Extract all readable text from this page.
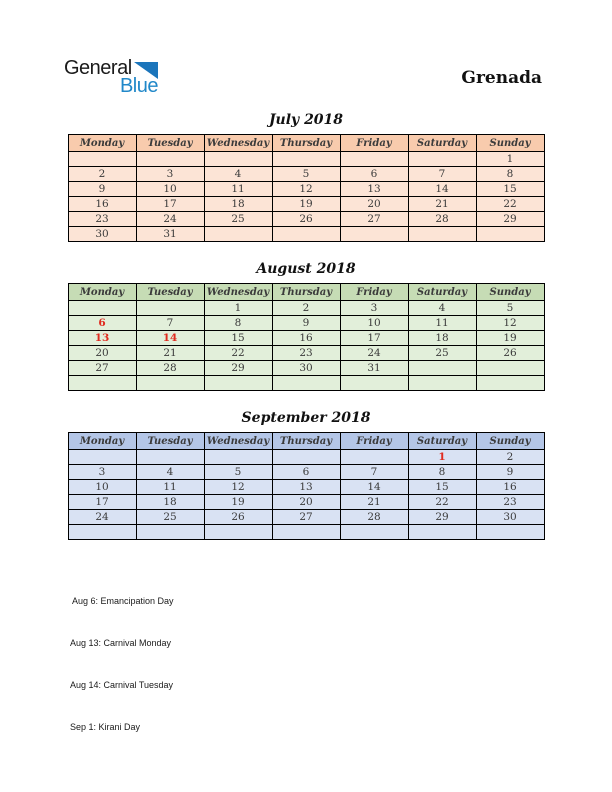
General
Blue	Grenada
July 2018
Monday	Tuesday	Wednesday	Thursday	Friday	Saturday	Sunday
						1
2	3	4	5	6	7	8
9	10	11	12	13	14	15
16	17	18	19	20	21	22
23	24	25	26	27	28	29
30	31					
August 2018
Monday	Tuesday	Wednesday	Thursday	Friday	Saturday	Sunday
		1	2	3	4	5
6	7	8	9	10	11	12
13	14	15	16	17	18	19
20	21	22	23	24	25	26
27	28	29	30	31		

September 2018
Monday	Tuesday	Wednesday	Thursday	Friday	Saturday	Sunday
					1	2
3	4	5	6	7	8	9
10	11	12	13	14	15	16
17	18	19	20	21	22	23
24	25	26	27	28	29	30

Aug 6: Emancipation Day

Aug 13: Carnival Monday

Aug 14: Carnival Tuesday

Sep 1: Kirani Day
